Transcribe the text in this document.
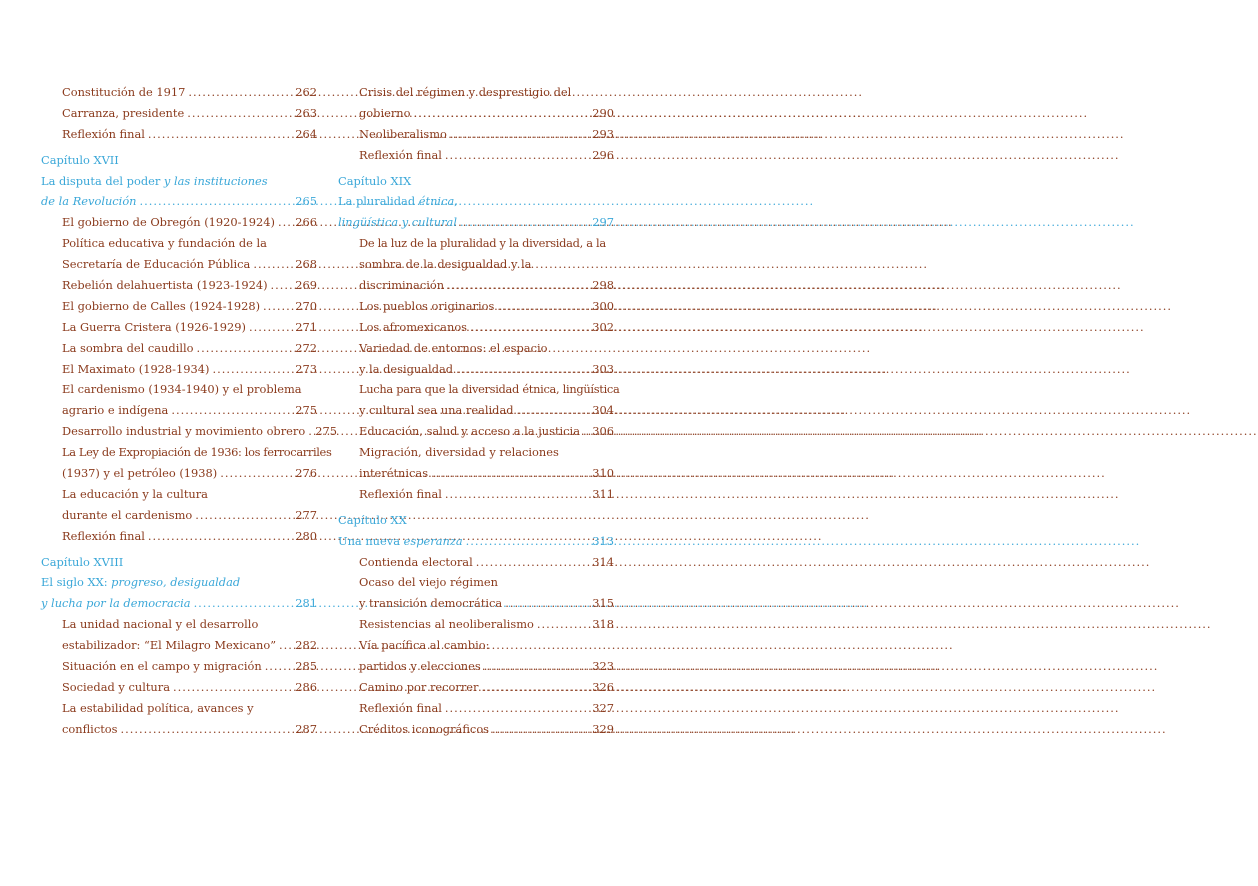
Constitución de 1917 .....	262
Carranza, presidente .....	263
Reflexión final .....	264
Capítulo XVII
La disputa del poder y las instituciones
de la Revolución .....	265
El gobierno de Obregón (1920-1924) ..... 266
Política educativa y fundación de la
Secretaría de Educación Pública .....	268
Rebelión delahuertista (1923-1924) ..... 269
El gobierno de Calles (1924-1928) .....	270
La Guerra Cristera (1926-1929) .....	271
La sombra del caudillo .....	272
El Maximato (1928-1934) .....	273
El cardenismo (1934-1940) y el problema
agrario e indígena .....	275
Desarrollo industrial y movimiento obrero ..... 275
La Ley de Expropiación de 1936: los ferrocarriles
(1937) y el petróleo (1938) .....	276
La educación y la cultura
durante el cardenismo .....	277
Reflexión final .....	280
Capítulo XVIII
El siglo XX: progreso, desigualdad
y lucha por la democracia .....	281
La unidad nacional y el desarrollo
estabilizador: “El Milagro Mexicano” ..... 282
Situación en el campo y migración .....	285
Sociedad y cultura .....	286
La estabilidad política, avances y
conflictos .....	287
Crisis del régimen y desprestigio del
gobierno .....	290
Neoliberalismo .....	293
Reflexión final .....	296
Capítulo XIX
La pluralidad étnica,
lingüística y cultural .....	297
De la luz de la pluralidad y la diversidad, a la
sombra de la desigualdad y la
discriminación .....	298
Los pueblos originarios .....	300
Los afromexicanos .....	302
Variedad de entornos: el espacio
y la desigualdad .....	303
Lucha para que la diversidad étnica, lingüística
y cultural sea una realidad .....	304
Educación, salud y acceso a la justicia ..... 306
Migración, diversidad y relaciones
interétnicas .....	310
Reflexión final .....	311
Capítulo XX
Una nueva esperanza .....	313
Contienda electoral .....	314
Ocaso del viejo régimen
y transición democrática .....	315
Resistencias al neoliberalismo .....	318
Vía pacífica al cambio:
partidos y elecciones .....	323
Camino por recorrer .....	326
Reflexión final .....	327
Créditos iconográficos .....	329
